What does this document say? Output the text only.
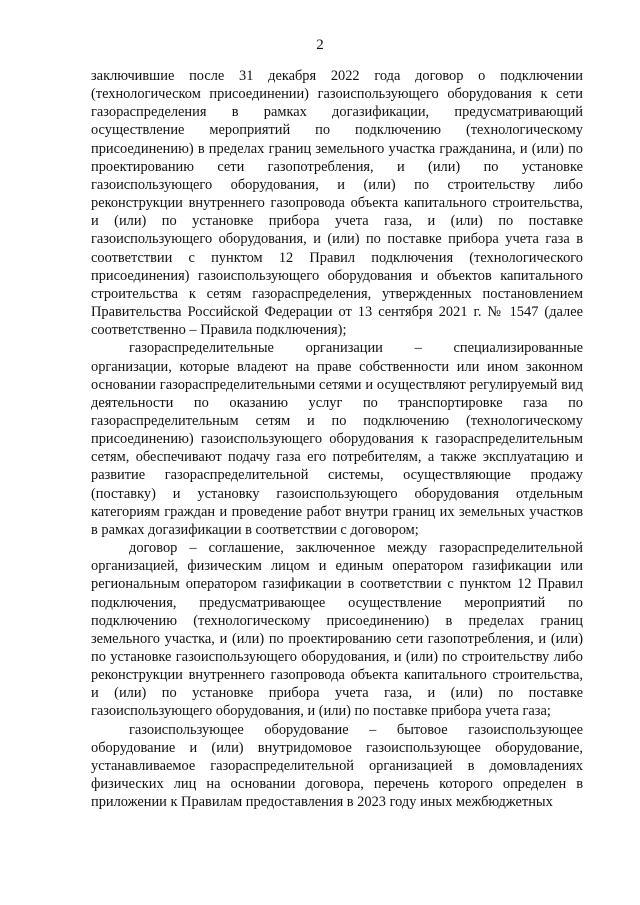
2

заключившие после 31 декабря 2022 года договор о подключении (технологическом присоединении) газоиспользующего оборудования к сети газораспределения в рамках догазификации, предусматривающий осуществление мероприятий по подключению (технологическому присоединению) в пределах границ земельного участка гражданина, и (или) по проектированию сети газопотребления, и (или) по установке газоиспользующего оборудования, и (или) по строительству либо реконструкции внутреннего газопровода объекта капитального строительства, и (или) по установке прибора учета газа, и (или) по поставке газоиспользующего оборудования, и (или) по поставке прибора учета газа в соответствии с пунктом 12 Правил подключения (технологического присоединения) газоиспользующего оборудования и объектов капитального строительства к сетям газораспределения, утвержденных постановлением Правительства Российской Федерации от 13 сентября 2021 г. № 1547 (далее соответственно – Правила подключения);

газораспределительные организации – специализированные организации, которые владеют на праве собственности или ином законном основании газораспределительными сетями и осуществляют регулируемый вид деятельности по оказанию услуг по транспортировке газа по газораспределительным сетям и по подключению (технологическому присоединению) газоиспользующего оборудования к газораспределительным сетям, обеспечивают подачу газа его потребителям, а также эксплуатацию и развитие газораспределительной системы, осуществляющие продажу (поставку) и установку газоиспользующего оборудования отдельным категориям граждан и проведение работ внутри границ их земельных участков в рамках догазификации в соответствии с договором;

договор – соглашение, заключенное между газораспределительной организацией, физическим лицом и единым оператором газификации или региональным оператором газификации в соответствии с пунктом 12 Правил подключения, предусматривающее осуществление мероприятий по подключению (технологическому присоединению) в пределах границ земельного участка, и (или) по проектированию сети газопотребления, и (или) по установке газоиспользующего оборудования, и (или) по строительству либо реконструкции внутреннего газопровода объекта капитального строительства, и (или) по установке прибора учета газа, и (или) по поставке газоиспользующего оборудования, и (или) по поставке прибора учета газа;

газоиспользующее оборудование – бытовое газоиспользующее оборудование и (или) внутридомовое газоиспользующее оборудование, устанавливаемое газораспределительной организацией в домовладениях физических лиц на основании договора, перечень которого определен в приложении к Правилам предоставления в 2023 году иных межбюджетных
